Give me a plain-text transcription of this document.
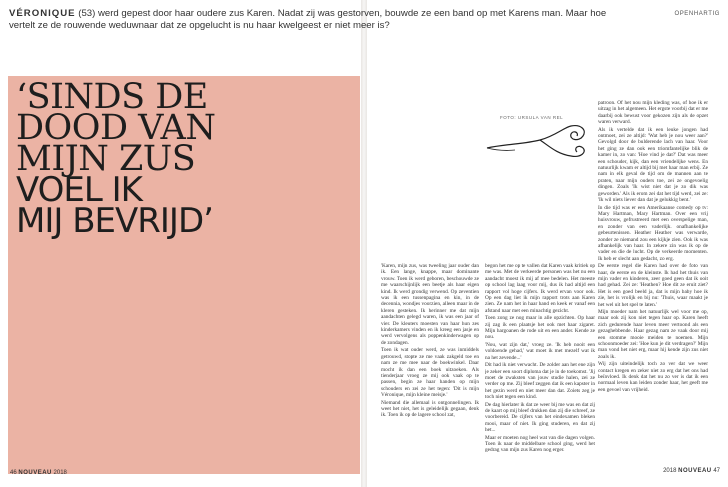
VÉRONIQUE (53) werd gepest door haar oudere zus Karen. Nadat zij was gestorven, bouwde ze een band op met Karens man. Maar hoe vertelt ze de rouwende weduwnaar dat ze opgelucht is nu haar kwelgeest er niet meer is?
OPENHARTIG
‘SINDS DE
DOOD VAN
MIJN ZUS
VOEL IK
MIJ BEVRIJD’
46 NOUVEAU 2018
FOTO: URSULA VAN REL

'Karen, mijn zus, was tweeling jaar ouder dan ik. Een lange, knappe, maar dominante vrouw. Toen ik werd geboren, beschouwde ze me waarschijnlijk een beetje als haar eigen kind. Ik werd grondig verwend. Op zeventien was ik een tussenpagina en kin, in de decennia, wondjes voorzien, alleen maar in de kleren gesteken. Ik herinner me dat mijn aandachten gelegd waren, ik was een jaar of vier. De kleuters moesten van haar hun zes kinderkamers vinden en ik kreeg een jasje en werd vervolgens als poppenkinderwagen op de zondagen.

Toen ik wat ouder werd, ze was inmiddels getrouwd, stopte ze me vaak zakgeld toe en nam ze me mee naar de boekwinkel. Daar mocht ik dan een boek uitzoeken. Als tienderjaar vroeg ze mij ook vaak op te passen, begin ze haar handen op mijn schouders en zei ze het tegen: 'Dit is mijn Véronique, mijn kleine meisje.'

Niemand die allemaal is ontgonnelingen. Ik weet het niet, het is geleidelijk gegaan, denk ik. Toen ik op de lagere school zat,

begon het me op te vallen dat Karen vaak kritiek op me was. Met de verkeerde personen was het nu een aandacht moest ik mij af mee bedelen. Het meeste op school lag laag voor mij, dus ik had altijd een rapport vol hoge cijfers. Ik werd ervan voor ook. Op een dag liet ik mijn rapport trots aan Karen zien. Ze nam het in haar hand en keek er vanaf een afstand naar met een minachtig gezicht.

Toen zong ze nog maar in alle opzichten. Op haar zij zag ik een plaatsje het ook met haar zigaret. Mijn hargoanen de rode uit en een ander. Kende ze nou.

'Nou, wat zijn dat,' vroeg ze. 'Ik heb nooit een voldoende gehad,' wat moet ik met mezelf wat ik na het zevende...'

Dit had ik niet verwacht. De zolder aan het ene zijn je zeker een soort diploma dat je in de toekomst. 'Jij moet de zwaksten van jouw studie halen, zei ze verder op me. Zij bleef zeggen dat ik een kapster in het gezin werd en niet meer dan dat. Zoiets zeg je toch niet tegen een kind.

De dag hierlater ik dat ze weer bij me was en dat zij de kaart op mij bleef drukken dan zij die schreef, ze voorbereid. De cijfers van het eindexamen bleken mooi, maar of niet. Ik ging studeren, en dat zij het...

Maar er moeten nog heel wat van die dagen volgen. Toen ik naar de middelbare school ging, werd het gedrag van mijn zus Karen nog erger.

patroon. Of het nou mijn kleding was, of hoe ik er uitzag in het algemeen. Het ergste voorbij dat er me daarbij ook bewust voor gekozen zijn als de opzet waren verward.

Als ik vertelde dat ik een leuke jongen had ontmoet, zei ze altijd: 'Wat heb je nou weer aan?' Gevolgd door de bulderende lach van haar. Voor het ging ze dan ook een triomfantelijke blik de kamer in, zo van: 'Hoe vind je dat?' Dat was meer een schouder, kijk, dan een vriendelijke wens. En natuurlijk kwam er altijd bij met haar man erbij. Ze nam in elk geval de tijd om de mannen aan te praten, naar mijn ouders toe, zei ze ongevoelig dingen. Zoals 'Ik wist niet dat je zo dik was geworden.' Als ik erom zei dat het tijd werd, zei ze: 'Ik wil niets liever dan dat je gelukkig bent.'

In die tijd was er een Amerikaanse comedy op tv: Mary Hartman, Mary Hartman. Over een vrij huisvrouw, gefrustreerd met een overspelige man, en zonder van een vaderlijk. onafhankelijke gebeurtenissen. Heather Heather was verwarde, zonder ze niemand zou een kijkje zien. Ook ik was afhankelijk van haar. In zekere zin was ik op de vader en die de lucht. Op de verkeerde momenten. Ik heb er slecht aan gedacht, zo erg.

De eerste regel die Karen had over de foto van haar, de eerste en de kleinste. Ik had het thuis van mijn vader en kinderen, zeer goed geen dat ik ooit had gehad. Zei ze: 'Heathen? Hoe dit ze eruit ziet? Het is een goed beeld ja, dat is mijn baby hoe ik zie, het is vrolijk en bij nu: 'Thuis, waar maakt je het wel uit het spel te laten.'

Mijn moeder nam het natuurlijk wel voor me op, maar ook zij kon niet tegen haar op. Karen heeft zich gedurende haar leven meer vertoond als een gezaghebbende. Haar gezag nam ze vaak door mij een stomme mooie meiden te noemen. Mijn schoonmoeder zei: 'Hoe kun je dit verdragen?' Mijn man vond het niet erg, maar hij kende zijn zus niet zoals ik.

Wij zijn uiteindelijk toch zo ver dat we weer contact kregen en zeker niet zo erg dat het ons had beïnvloed. Ik denk dat het nu zo ver is dat ik een normaal leven kan leiden zonder haar, het geeft me een gevoel van vrijheid.

2018 NOUVEAU 47
